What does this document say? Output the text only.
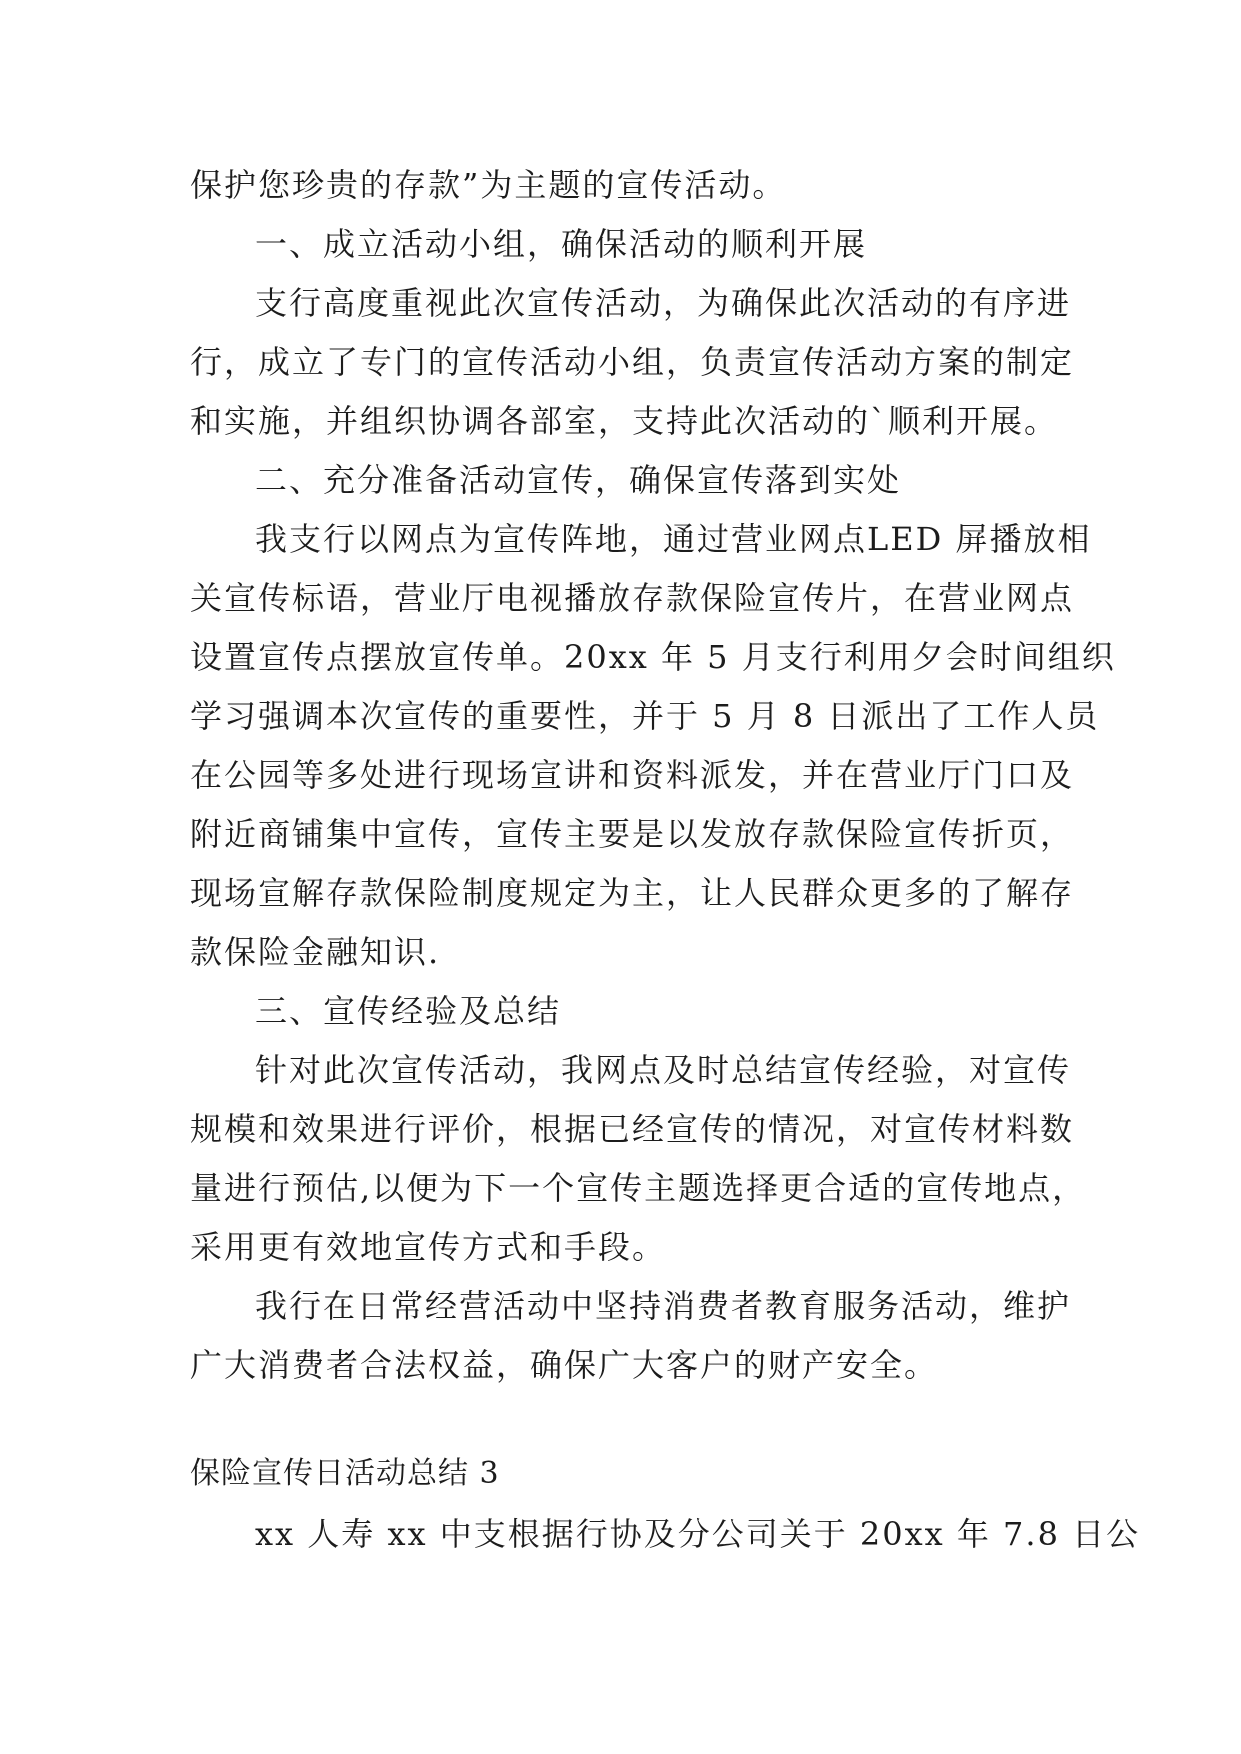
保护您珍贵的存款”为主题的宣传活动。
一、成立活动小组，确保活动的顺利开展
支行高度重视此次宣传活动，为确保此次活动的有序进
行，成立了专门的宣传活动小组，负责宣传活动方案的制定
和实施，并组织协调各部室，支持此次活动的`顺利开展。
二、充分准备活动宣传，确保宣传落到实处
我支行以网点为宣传阵地，通过营业网点LED 屏播放相
关宣传标语，营业厅电视播放存款保险宣传片，在营业网点
设置宣传点摆放宣传单。20xx 年 5 月支行利用夕会时间组织
学习强调本次宣传的重要性，并于 5 月 8 日派出了工作人员
在公园等多处进行现场宣讲和资料派发，并在营业厅门口及
附近商铺集中宣传，宣传主要是以发放存款保险宣传折页，
现场宣解存款保险制度规定为主，让人民群众更多的了解存
款保险金融知识.
三、宣传经验及总结
针对此次宣传活动，我网点及时总结宣传经验，对宣传
规模和效果进行评价，根据已经宣传的情况，对宣传材料数
量进行预估,以便为下一个宣传主题选择更合适的宣传地点，
采用更有效地宣传方式和手段。
我行在日常经营活动中坚持消费者教育服务活动，维护
广大消费者合法权益，确保广大客户的财产安全。
保险宣传日活动总结 3
xx 人寿 xx 中支根据行协及分公司关于 20xx 年 7.8 日公
